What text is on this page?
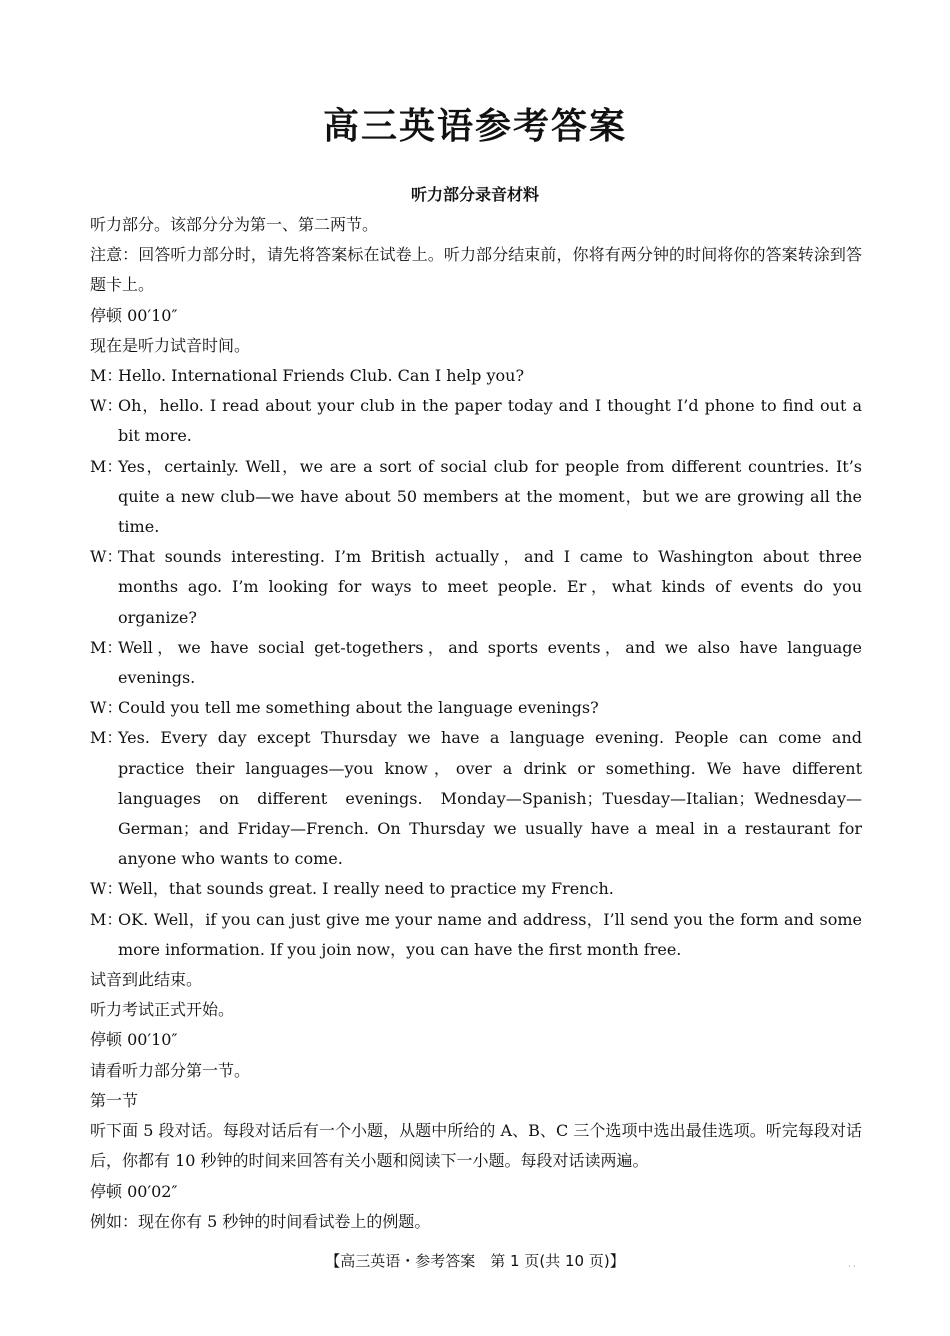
高三英语参考答案
听力部分录音材料

听力部分。该部分分为第一、第二两节。

注意：回答听力部分时，请先将答案标在试卷上。听力部分结束前，你将有两分钟的时间将你的答案转涂到答题卡上。

停顿 00′10″

现在是听力试音时间。

M：Hello. International Friends Club. Can I help you?

W：Oh，hello. I read about your club in the paper today and I thought I’d phone to find out a bit more.

M：Yes，certainly. Well，we are a sort of social club for people from different countries. It’s quite a new club—we have about 50 members at the moment，but we are growing all the time.

W：That sounds interesting. I’m British actually，and I came to Washington about three months ago. I’m looking for ways to meet people. Er，what kinds of events do you organize?

M：Well，we have social get-togethers，and sports events，and we also have language evenings.

W：Could you tell me something about the language evenings?

M：Yes. Every day except Thursday we have a language evening. People can come and practice their languages—you know，over a drink or something. We have different languages on different evenings. Monday—Spanish；Tuesday—Italian；Wednesday—German；and Friday—French. On Thursday we usually have a meal in a restaurant for anyone who wants to come.

W：Well，that sounds great. I really need to practice my French.

M：OK. Well，if you can just give me your name and address，I’ll send you the form and some more information. If you join now，you can have the first month free.

试音到此结束。

听力考试正式开始。

停顿 00′10″

请看听力部分第一节。

第一节

听下面 5 段对话。每段对话后有一个小题，从题中所给的 A、B、C 三个选项中选出最佳选项。听完每段对话后，你都有 10 秒钟的时间来回答有关小题和阅读下一小题。每段对话读两遍。

停顿 00′02″

例如：现在你有 5 秒钟的时间看试卷上的例题。

【高三英语・参考答案　第 1 页(共 10 页)】	· ·
